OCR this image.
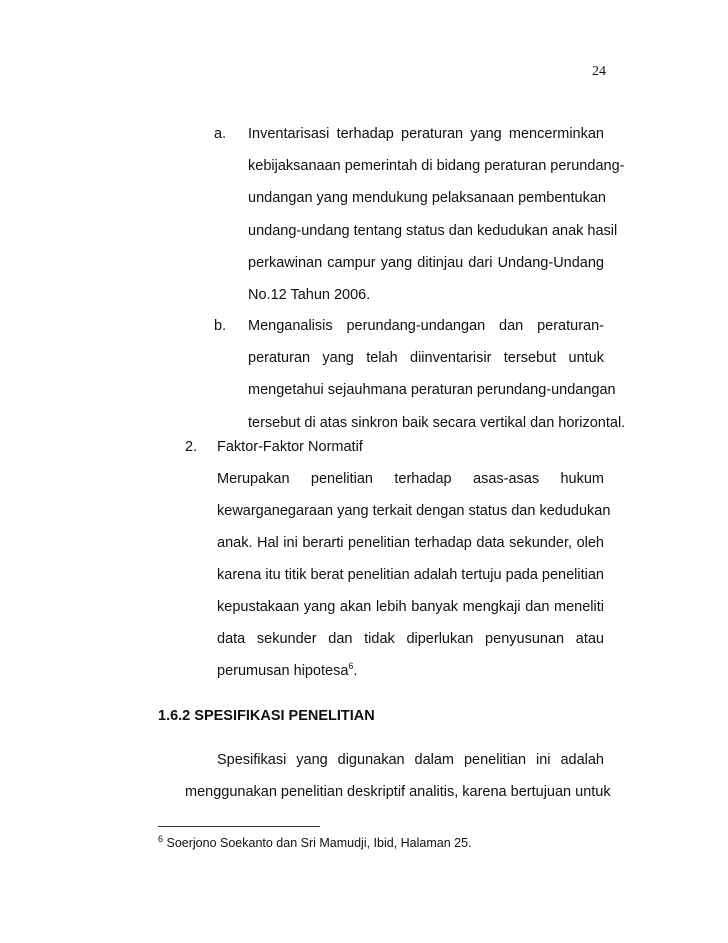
24
a. Inventarisasi terhadap peraturan yang mencerminkan
kebijaksanaan pemerintah di bidang peraturan perundang-
undangan yang mendukung pelaksanaan pembentukan
undang-undang tentang status dan kedudukan anak hasil
perkawinan campur yang ditinjau dari Undang-Undang
No.12 Tahun 2006.
b. Menganalisis perundang-undangan dan peraturan-
peraturan yang telah diinventarisir tersebut untuk
mengetahui sejauhmana peraturan perundang-undangan
tersebut di atas sinkron baik secara vertikal dan horizontal.
2. Faktor-Faktor Normatif
Merupakan penelitian terhadap asas-asas hukum
kewarganegaraan yang terkait dengan status dan kedudukan
anak. Hal ini berarti penelitian terhadap data sekunder, oleh
karena itu titik berat penelitian adalah tertuju pada penelitian
kepustakaan yang akan lebih banyak mengkaji dan meneliti
data sekunder dan tidak diperlukan penyusunan atau
perumusan hipotesa$^6$.
1.6.2 SPESIFIKASI PENELITIAN
Spesifikasi yang digunakan dalam penelitian ini adalah
menggunakan penelitian deskriptif analitis, karena bertujuan untuk
$^6$ Soerjono Soekanto dan Sri Mamudji, Ibid, Halaman 25.
